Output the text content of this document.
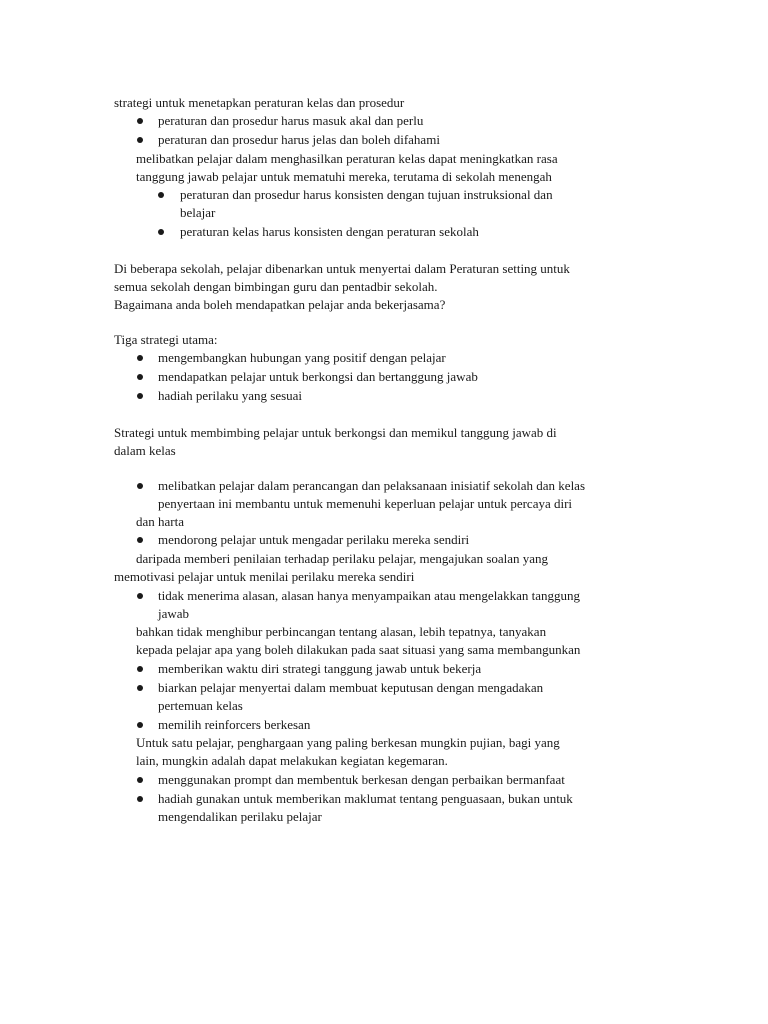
strategi untuk menetapkan peraturan kelas dan prosedur
peraturan dan prosedur harus masuk akal dan perlu
peraturan dan prosedur harus jelas dan boleh difahami
melibatkan pelajar dalam menghasilkan peraturan kelas dapat meningkatkan rasa
tanggung jawab pelajar untuk mematuhi mereka, terutama di sekolah menengah
peraturan dan prosedur harus konsisten dengan tujuan instruksional dan
belajar
peraturan kelas harus konsisten dengan peraturan sekolah
Di beberapa sekolah, pelajar dibenarkan untuk menyertai dalam Peraturan setting untuk
semua sekolah dengan bimbingan guru dan pentadbir sekolah.
Bagaimana anda boleh mendapatkan pelajar anda bekerjasama?
Tiga strategi utama:
mengembangkan hubungan yang positif dengan pelajar
mendapatkan pelajar untuk berkongsi dan bertanggung jawab
hadiah perilaku yang sesuai
Strategi untuk membimbing pelajar untuk berkongsi dan memikul tanggung jawab di
dalam kelas
melibatkan pelajar dalam perancangan dan pelaksanaan inisiatif sekolah dan kelas
penyertaan ini membantu untuk memenuhi keperluan pelajar untuk percaya diri
dan harta
mendorong pelajar untuk mengadar perilaku mereka sendiri
daripada memberi penilaian terhadap perilaku pelajar, mengajukan soalan yang
memotivasi pelajar untuk menilai perilaku mereka sendiri
tidak menerima alasan, alasan hanya menyampaikan atau mengelakkan tanggung
jawab
bahkan tidak menghibur perbincangan tentang alasan, lebih tepatnya, tanyakan
kepada pelajar apa yang boleh dilakukan pada saat situasi yang sama membangunkan
memberikan waktu diri strategi tanggung jawab untuk bekerja
biarkan pelajar menyertai dalam membuat keputusan dengan mengadakan
pertemuan kelas
memilih reinforcers berkesan
Untuk satu pelajar, penghargaan yang paling berkesan mungkin pujian, bagi yang
lain, mungkin adalah dapat melakukan kegiatan kegemaran.
menggunakan prompt dan membentuk berkesan dengan perbaikan bermanfaat
hadiah gunakan untuk memberikan maklumat tentang penguasaan, bukan untuk
mengendalikan perilaku pelajar
